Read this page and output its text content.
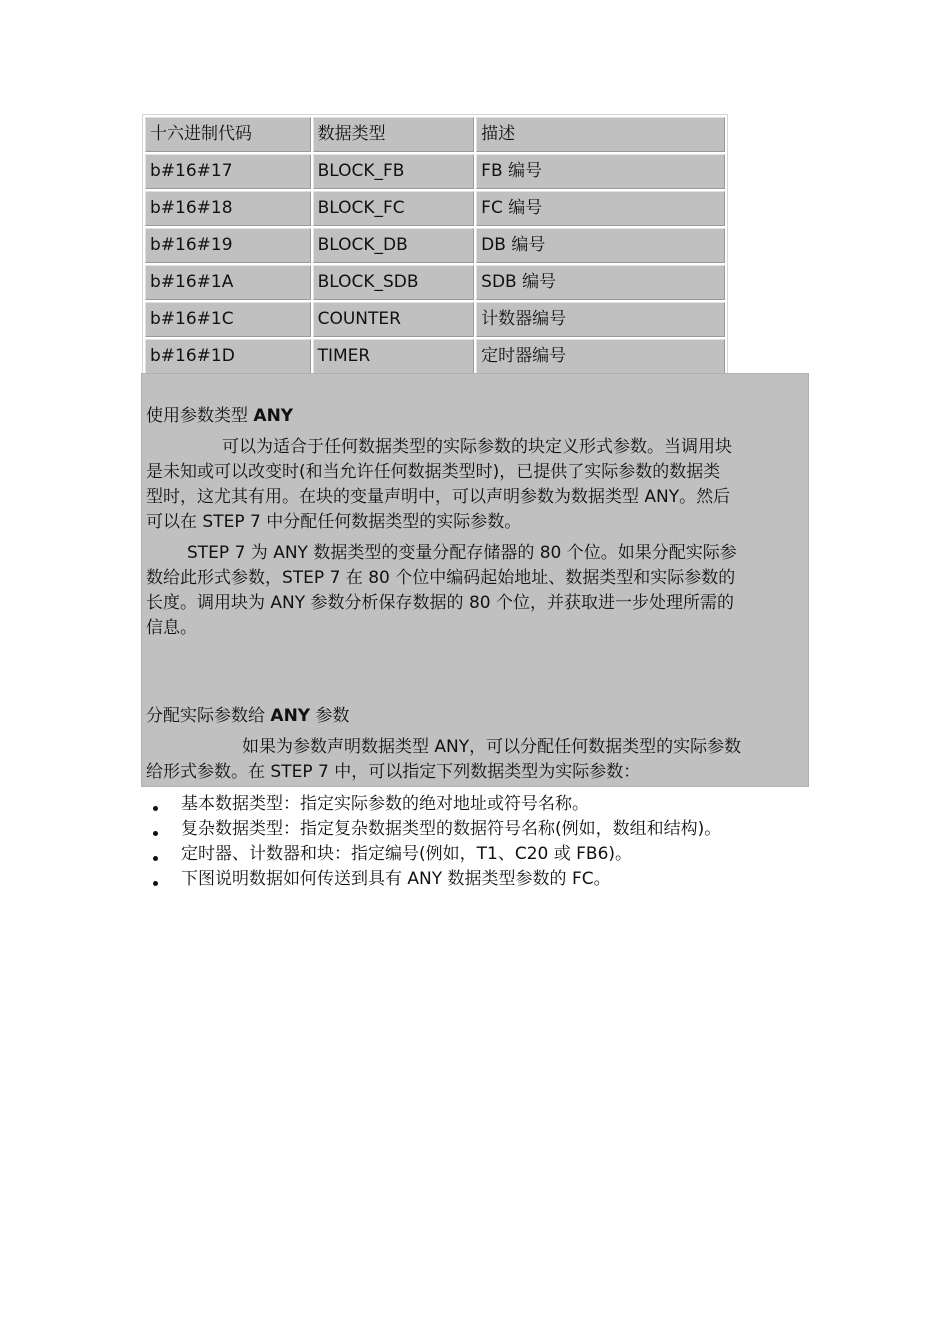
十六进制代码	数据类型	描述
b#16#17	BLOCK_FB	FB 编号
b#16#18	BLOCK_FC	FC 编号
b#16#19	BLOCK_DB	DB 编号
b#16#1A	BLOCK_SDB	SDB 编号
b#16#1C	COUNTER	计数器编号
b#16#1D	TIMER	定时器编号
使用参数类型 ANY
可以为适合于任何数据类型的实际参数的块定义形式参数。当调用块
是未知或可以改变时(和当允许任何数据类型时)，已提供了实际参数的数据类
型时，这尤其有用。在块的变量声明中，可以声明参数为数据类型 ANY。然后
可以在 STEP 7 中分配任何数据类型的实际参数。
STEP 7 为 ANY 数据类型的变量分配存储器的 80 个位。如果分配实际参
数给此形式参数，STEP 7 在 80 个位中编码起始地址、数据类型和实际参数的
长度。调用块为 ANY 参数分析保存数据的 80 个位，并获取进一步处理所需的
信息。
分配实际参数给 ANY 参数
如果为参数声明数据类型 ANY，可以分配任何数据类型的实际参数
给形式参数。在 STEP 7 中，可以指定下列数据类型为实际参数：
基本数据类型：指定实际参数的绝对地址或符号名称。
复杂数据类型：指定复杂数据类型的数据符号名称(例如，数组和结构)。
定时器、计数器和块：指定编号(例如，T1、C20 或 FB6)。
下图说明数据如何传送到具有 ANY 数据类型参数的 FC。
